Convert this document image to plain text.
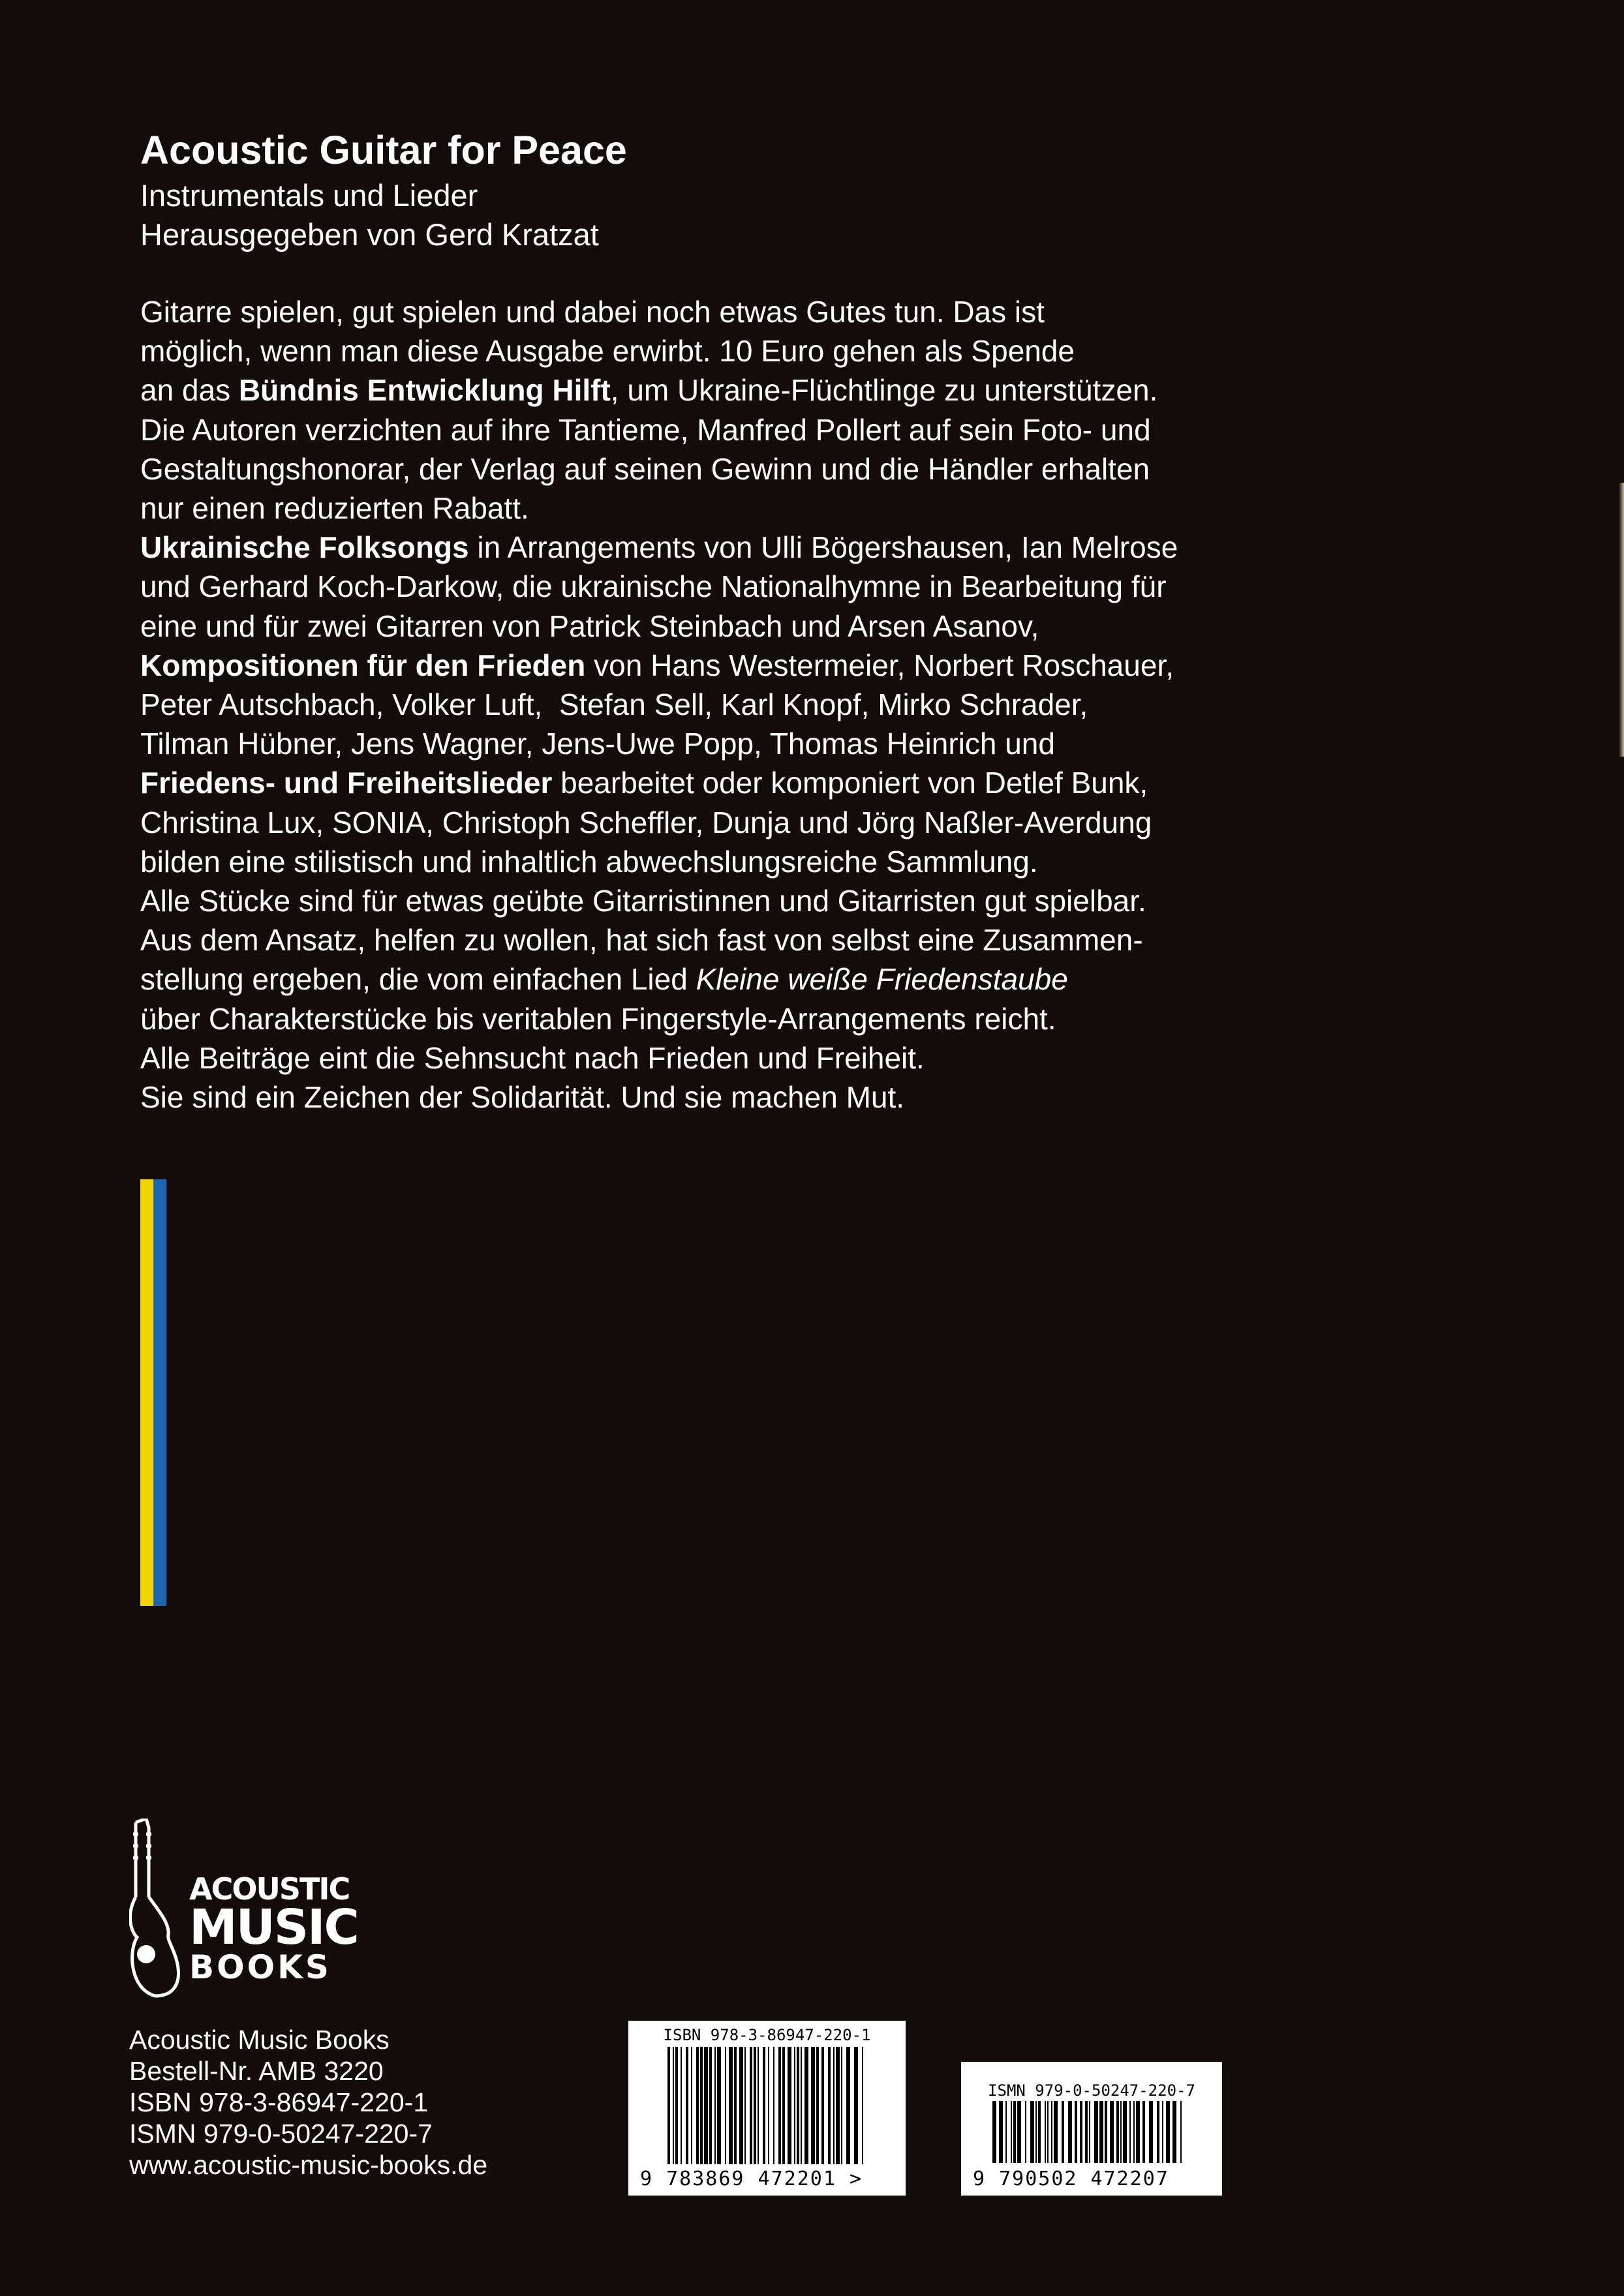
Acoustic Guitar for Peace
Instrumentals und Lieder
Herausgegeben von Gerd Kratzat

Gitarre spielen, gut spielen und dabei noch etwas Gutes tun. Das ist

möglich, wenn man diese Ausgabe erwirbt. 10 Euro gehen als Spende

an das Bündnis Entwicklung Hilft, um Ukraine-Flüchtlinge zu unterstützen.

Die Autoren verzichten auf ihre Tantieme, Manfred Pollert auf sein Foto- und

Gestaltungshonorar, der Verlag auf seinen Gewinn und die Händler erhalten

nur einen reduzierten Rabatt.

Ukrainische Folksongs in Arrangements von Ulli Bögershausen, Ian Melrose

und Gerhard Koch-Darkow, die ukrainische Nationalhymne in Bearbeitung für

eine und für zwei Gitarren von Patrick Steinbach und Arsen Asanov,

Kompositionen für den Frieden von Hans Westermeier, Norbert Roschauer,

Peter Autschbach, Volker Luft,  Stefan Sell, Karl Knopf, Mirko Schrader,

Tilman Hübner, Jens Wagner, Jens-Uwe Popp, Thomas Heinrich und

Friedens- und Freiheitslieder bearbeitet oder komponiert von Detlef Bunk,

Christina Lux, SONIA, Christoph Scheffler, Dunja und Jörg Naßler-Averdung

bilden eine stilistisch und inhaltlich abwechslungsreiche Sammlung.

Alle Stücke sind für etwas geübte Gitarristinnen und Gitarristen gut spielbar.

Aus dem Ansatz, helfen zu wollen, hat sich fast von selbst eine Zusammen-

stellung ergeben, die vom einfachen Lied Kleine weiße Friedenstaube

über Charakterstücke bis veritablen Fingerstyle-Arrangements reicht.

Alle Beiträge eint die Sehnsucht nach Frieden und Freiheit.

Sie sind ein Zeichen der Solidarität. Und sie machen Mut.

ACOUSTIC
MUSIC
BOOKS
Acoustic Music Books
Bestell-Nr. AMB 3220
ISBN 978-3-86947-220-1
ISMN 979-0-50247-220-7
www.acoustic-music-books.de
ISBN 978-3-86947-220-1
9 783869 472201 >
ISMN 979-0-50247-220-7
9 790502 472207
